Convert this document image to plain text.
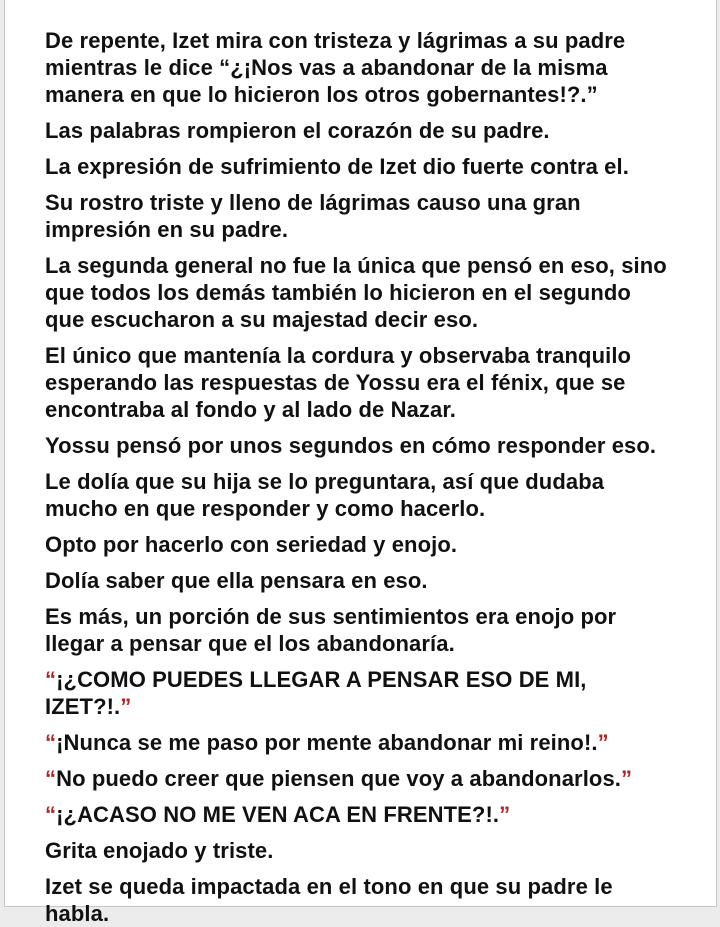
De repente, Izet mira con tristeza y lágrimas a su padre mientras le dice “¿¡Nos vas a abandonar de la misma manera en que lo hicieron los otros gobernantes!?.”

Las palabras rompieron el corazón de su padre.

La expresión de sufrimiento de Izet dio fuerte contra el.

Su rostro triste y lleno de lágrimas causo una gran impresión en su padre.

La segunda general no fue la única que pensó en eso, sino que todos los demás también lo hicieron en el segundo que escucharon a su majestad decir eso.

El único que mantenía la cordura y observaba tranquilo esperando las respuestas de Yossu era el fénix, que se encontraba al fondo y al lado de Nazar.

Yossu pensó por unos segundos en cómo responder eso.

Le dolía que su hija se lo preguntara, así que dudaba mucho en que responder y como hacerlo.

Opto por hacerlo con seriedad y enojo.

Dolía saber que ella pensara en eso.

Es más, un porción de sus sentimientos era enojo por llegar a pensar que el los abandonaría.

“¡¿COMO PUEDES LLEGAR A PENSAR ESO DE MI, IZET?!.”

“¡Nunca se me paso por mente abandonar mi reino!.”

“No puedo creer que piensen que voy a abandonarlos.”

“¡¿ACASO NO ME VEN ACA EN FRENTE?!.”

Grita enojado y triste.

Izet se queda impactada en el tono en que su padre le habla.
